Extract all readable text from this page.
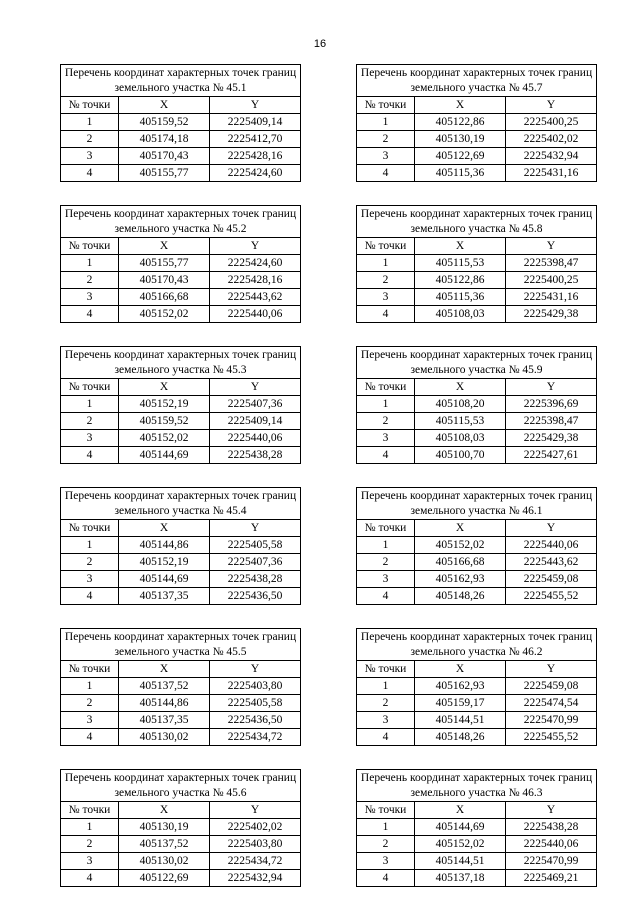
16
Перечень координат характерных точек границ земельного участка № 45.1		
№ точки	X	Y
1	405159,52	2225409,14
2	405174,18	2225412,70
3	405170,43	2225428,16
4	405155,77	2225424,60
Перечень координат характерных точек границ земельного участка № 45.7		
№ точки	X	Y
1	405122,86	2225400,25
2	405130,19	2225402,02
3	405122,69	2225432,94
4	405115,36	2225431,16
Перечень координат характерных точек границ земельного участка № 45.2		
№ точки	X	Y
1	405155,77	2225424,60
2	405170,43	2225428,16
3	405166,68	2225443,62
4	405152,02	2225440,06
Перечень координат характерных точек границ земельного участка № 45.8		
№ точки	X	Y
1	405115,53	2225398,47
2	405122,86	2225400,25
3	405115,36	2225431,16
4	405108,03	2225429,38
Перечень координат характерных точек границ земельного участка № 45.3		
№ точки	X	Y
1	405152,19	2225407,36
2	405159,52	2225409,14
3	405152,02	2225440,06
4	405144,69	2225438,28
Перечень координат характерных точек границ земельного участка № 45.9		
№ точки	X	Y
1	405108,20	2225396,69
2	405115,53	2225398,47
3	405108,03	2225429,38
4	405100,70	2225427,61
Перечень координат характерных точек границ земельного участка № 45.4		
№ точки	X	Y
1	405144,86	2225405,58
2	405152,19	2225407,36
3	405144,69	2225438,28
4	405137,35	2225436,50
Перечень координат характерных точек границ земельного участка № 46.1		
№ точки	X	Y
1	405152,02	2225440,06
2	405166,68	2225443,62
3	405162,93	2225459,08
4	405148,26	2225455,52
Перечень координат характерных точек границ земельного участка № 45.5		
№ точки	X	Y
1	405137,52	2225403,80
2	405144,86	2225405,58
3	405137,35	2225436,50
4	405130,02	2225434,72
Перечень координат характерных точек границ земельного участка № 46.2		
№ точки	X	Y
1	405162,93	2225459,08
2	405159,17	2225474,54
3	405144,51	2225470,99
4	405148,26	2225455,52
Перечень координат характерных точек границ земельного участка № 45.6		
№ точки	X	Y
1	405130,19	2225402,02
2	405137,52	2225403,80
3	405130,02	2225434,72
4	405122,69	2225432,94
Перечень координат характерных точек границ земельного участка № 46.3		
№ точки	X	Y
1	405144,69	2225438,28
2	405152,02	2225440,06
3	405144,51	2225470,99
4	405137,18	2225469,21
